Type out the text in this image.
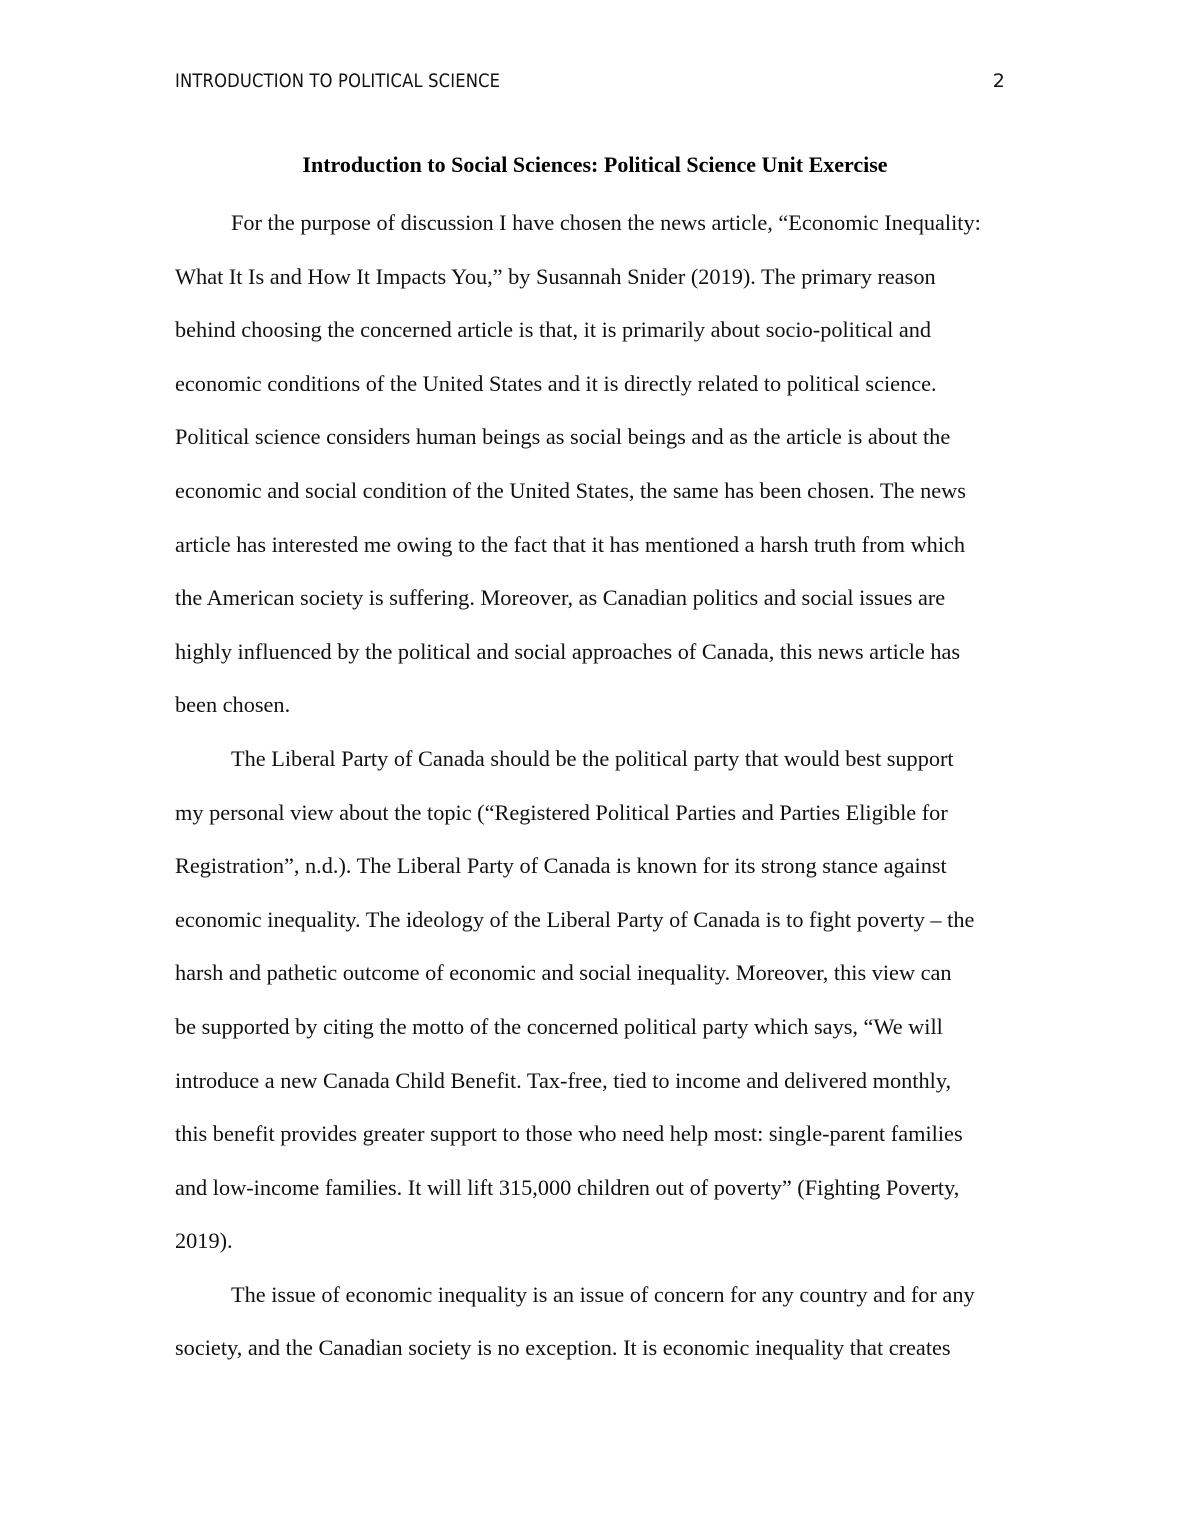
INTRODUCTION TO POLITICAL SCIENCE	2
Introduction to Social Sciences: Political Science Unit Exercise
For the purpose of discussion I have chosen the news article, “Economic Inequality:
What It Is and How It Impacts You,” by Susannah Snider (2019). The primary reason
behind choosing the concerned article is that, it is primarily about socio-political and
economic conditions of the United States and it is directly related to political science.
Political science considers human beings as social beings and as the article is about the
economic and social condition of the United States, the same has been chosen. The news
article has interested me owing to the fact that it has mentioned a harsh truth from which
the American society is suffering. Moreover, as Canadian politics and social issues are
highly influenced by the political and social approaches of Canada, this news article has
been chosen.
The Liberal Party of Canada should be the political party that would best support
my personal view about the topic (“Registered Political Parties and Parties Eligible for
Registration”, n.d.). The Liberal Party of Canada is known for its strong stance against
economic inequality. The ideology of the Liberal Party of Canada is to fight poverty – the
harsh and pathetic outcome of economic and social inequality. Moreover, this view can
be supported by citing the motto of the concerned political party which says, “We will
introduce a new Canada Child Benefit. Tax-free, tied to income and delivered monthly,
this benefit provides greater support to those who need help most: single-parent families
and low-income families. It will lift 315,000 children out of poverty” (Fighting Poverty,
2019).
The issue of economic inequality is an issue of concern for any country and for any
society, and the Canadian society is no exception. It is economic inequality that creates
